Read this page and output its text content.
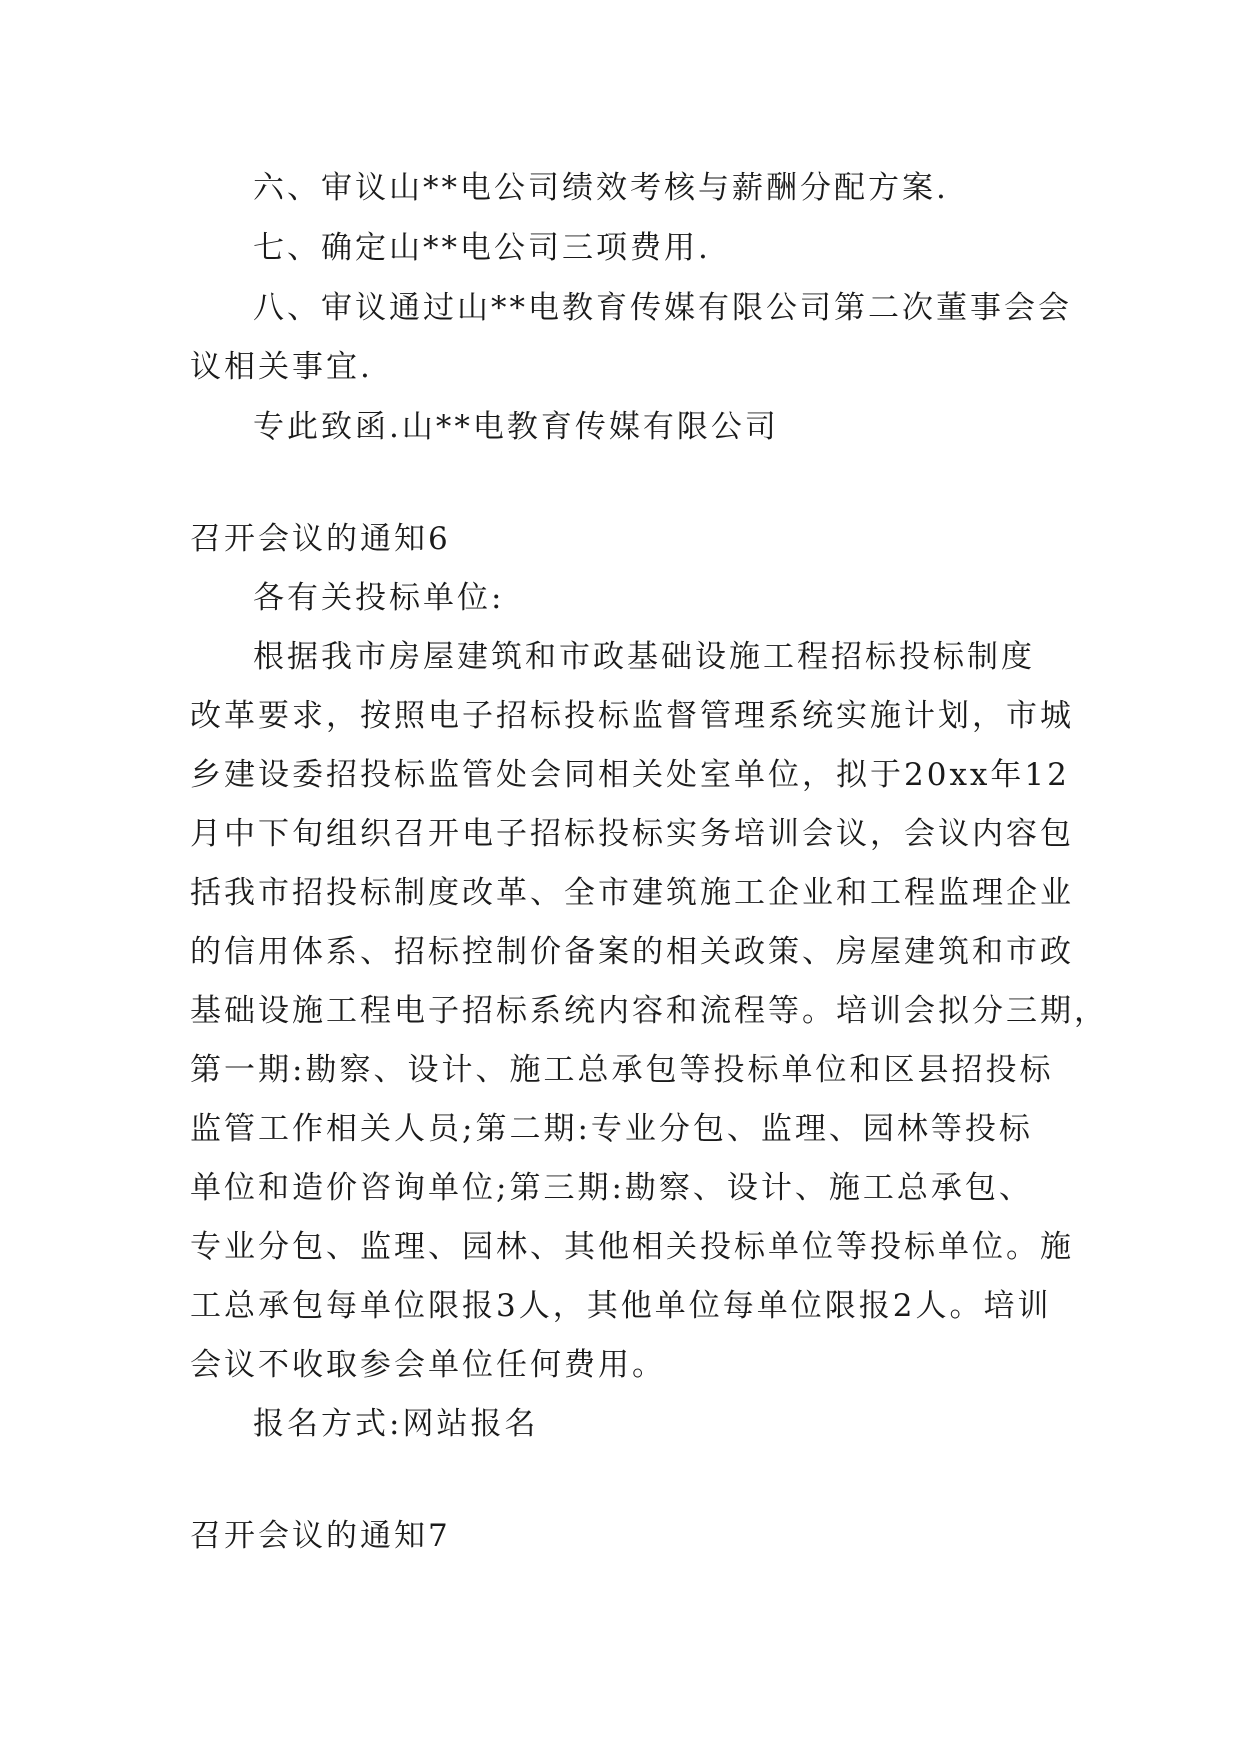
六、审议山**电公司绩效考核与薪酬分配方案.
七、确定山**电公司三项费用.
八、审议通过山**电教育传媒有限公司第二次董事会会
议相关事宜.
专此致函.山**电教育传媒有限公司
召开会议的通知6
各有关投标单位:
根据我市房屋建筑和市政基础设施工程招标投标制度
改革要求，按照电子招标投标监督管理系统实施计划，市城
乡建设委招投标监管处会同相关处室单位，拟于20xx年12
月中下旬组织召开电子招标投标实务培训会议，会议内容包
括我市招投标制度改革、全市建筑施工企业和工程监理企业
的信用体系、招标控制价备案的相关政策、房屋建筑和市政
基础设施工程电子招标系统内容和流程等。培训会拟分三期，
第一期:勘察、设计、施工总承包等投标单位和区县招投标
监管工作相关人员;第二期:专业分包、监理、园林等投标
单位和造价咨询单位;第三期:勘察、设计、施工总承包、
专业分包、监理、园林、其他相关投标单位等投标单位。施
工总承包每单位限报3人，其他单位每单位限报2人。培训
会议不收取参会单位任何费用。
报名方式:网站报名
召开会议的通知7
